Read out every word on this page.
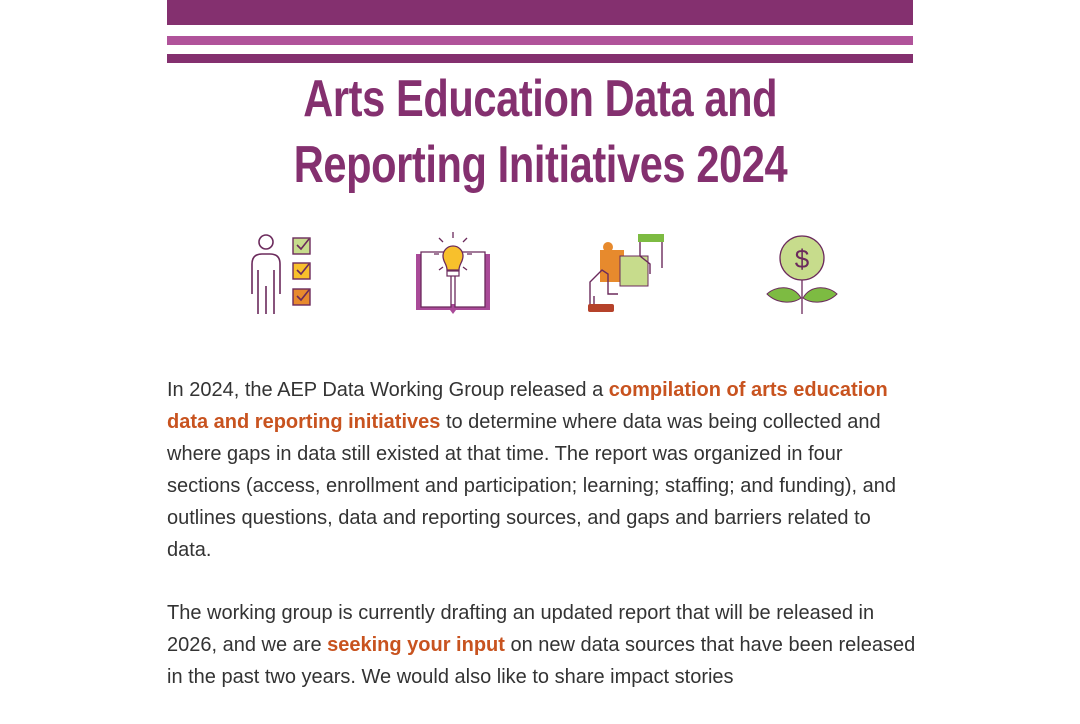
Arts Education Data and
Reporting Initiatives 2024
$

In 2024, the AEP Data Working Group released a compilation of arts education data and reporting initiatives to determine where data was being collected and where gaps in data still existed at that time. The report was organized in four sections (access, enrollment and participation; learning; staffing; and funding), and outlines questions, data and reporting sources, and gaps and barriers related to data.

The working group is currently drafting an updated report that will be released in 2026, and we are seeking your input on new data sources that have been released in the past two years. We would also like to share impact stories
